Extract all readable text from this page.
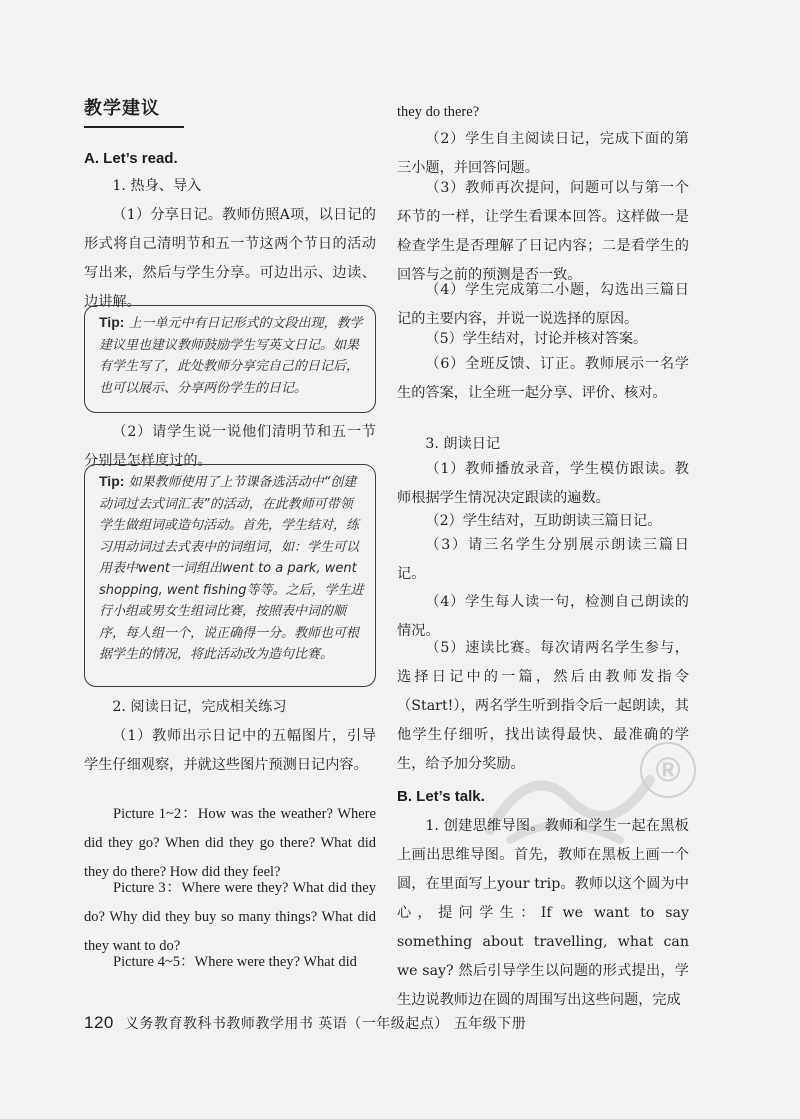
教学建议

A. Let’s read.

1. 热身、导入

（1）分享日记。教师仿照A项，以日记的形式将自己清明节和五一节这两个节日的活动写出来，然后与学生分享。可边出示、边读、边讲解。

Tip: 上一单元中有日记形式的文段出现，教学建议里也建议教师鼓励学生写英文日记。如果有学生写了，此处教师分享完自己的日记后，也可以展示、分享两份学生的日记。

（2）请学生说一说他们清明节和五一节分别是怎样度过的。

Tip: 如果教师使用了上节课备选活动中“创建动词过去式词汇表”的活动，在此教师可带领学生做组词或造句活动。首先，学生结对，练习用动词过去式表中的词组词，如：学生可以用表中went一词组出went to a park, went shopping, went fishing等等。之后，学生进行小组或男女生组词比赛，按照表中词的顺序，每人组一个，说正确得一分。教师也可根据学生的情况，将此活动改为造句比赛。

2. 阅读日记，完成相关练习

（1）教师出示日记中的五幅图片，引导学生仔细观察，并就这些图片预测日记内容。

Picture 1~2：How was the weather? Where did they go? When did they go there? What did they do there? How did they feel?

Picture 3：Where were they? What did they do? Why did they buy so many things? What did they want to do?

Picture 4~5：Where were they? What did

they do there?

（2）学生自主阅读日记，完成下面的第三小题，并回答问题。

（3）教师再次提问，问题可以与第一个环节的一样，让学生看课本回答。这样做一是检查学生是否理解了日记内容；二是看学生的回答与之前的预测是否一致。

（4）学生完成第二小题，勾选出三篇日记的主要内容，并说一说选择的原因。

（5）学生结对，讨论并核对答案。

（6）全班反馈、订正。教师展示一名学生的答案，让全班一起分享、评价、核对。

3. 朗读日记

（1）教师播放录音，学生模仿跟读。教师根据学生情况决定跟读的遍数。

（2）学生结对，互助朗读三篇日记。

（3）请三名学生分别展示朗读三篇日记。

（4）学生每人读一句，检测自己朗读的情况。

（5）速读比赛。每次请两名学生参与，选择日记中的一篇，然后由教师发指令（Start!），两名学生听到指令后一起朗读，其他学生仔细听，找出读得最快、最准确的学生，给予加分奖励。

B. Let’s talk.

1. 创建思维导图。教师和学生一起在黑板上画出思维导图。首先，教师在黑板上画一个圆，在里面写上your trip。教师以这个圆为中心，提问学生：If we want to say something about travelling, what can we say? 然后引导学生以问题的形式提出，学生边说教师边在圆的周围写出这些问题，完成

®

120 义务教育教科书教师教学用书 英语（一年级起点） 五年级下册
